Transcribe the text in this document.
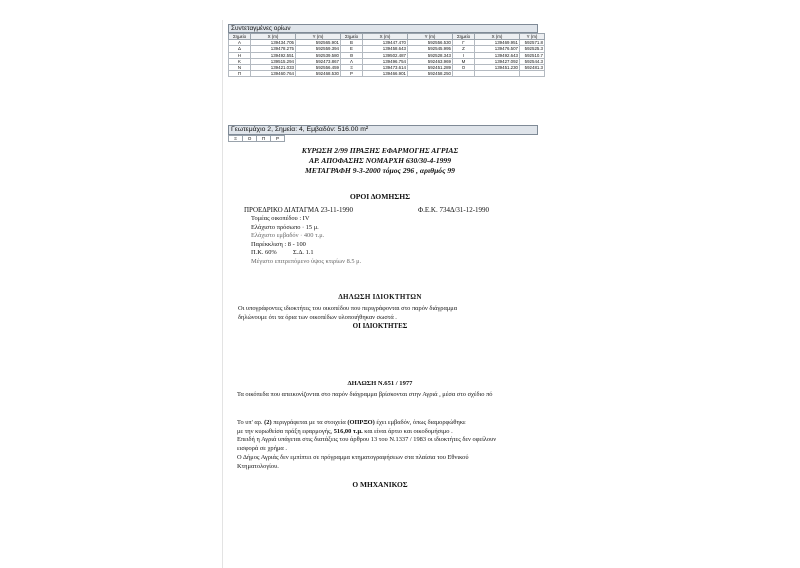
Συντεταγμένες ορίων
Σημείο	X (m)	Y (m)	Σημείο	X (m)	Y (m)	Σημείο	X (m)	Y (m)
Α	139434.705	592565.901	Β	139447.470	592556.530	Γ	139469.951	592571.8
Δ	139478.275	592559.394	Ε	139458.643	592545.995	Ζ	139476.507	592525.3
Η	139492.551	592539.580	Θ	139502.487	592528.343	Ι	139492.643	592510.7
Κ	139515.294	592473.867	Λ	139496.754	592463.969	Μ	139427.092	592544.3
Ν	139421.033	592556.459	Ξ	139473.614	592451.289	Ο	139451.230	592481.3
Π	139460.764	592468.530	Ρ	139466.901	592458.250			
Γεωτεμάχιο 2, Σημεία: 4, Εμβαδόν: 516.00 m²
Ξ	Ο	Π	Ρ
ΚΥΡΩΣΗ 2/99 ΠΡΑΞΗΣ ΕΦΑΡΜΟΓΗΣ ΑΓΡΙΑΣ
ΑΡ. ΑΠΟΦΑΣΗΣ ΝΟΜΑΡΧΗ 630/30-4-1999
ΜΕΤΑΓΡΑΦΗ 9-3-2000 τόμος 296 , αριθμός 99
ΟΡΟΙ ΔΟΜΗΣΗΣ
ΠΡΟΕΔΡΙΚΟ ΔΙΑΤΑΓΜΑ 23-11-1990	Φ.Ε.Κ. 734Δ/31-12-1990
Τομέας οικοπέδου : IV
Ελάχιστο πρόσωπο · 15 μ.
Ελάχιστο εμβαδόν · 400 τ.μ.
Παρέκκλιση : 8 - 100
Π.Κ. 60%	Σ.Δ. 1.1
Μέγιστο επιτρεπόμενο ύψος κτιρίων 8.5 μ.
ΔΗΛΩΣΗ ΙΔΙΟΚΤΗΤΩΝ
Οι υπογράφοντες ιδιοκτήτες του οικοπέδου που περιγράφονται στο παρόν διάγραμμα
δηλώνουμε ότι τα όρια των οικοπέδων υλοποιήθηκαν σωστά .
ΟΙ ΙΔΙΟΚΤΗΤΕΣ
ΔΗΛΩΣΗ Ν.651 / 1977
Τα οικόπεδα που απεικονίζονται στο παρόν διάγραμμα βρίσκονται στην Αγριά , μέσα στο σχέδιο πό
Το υπ' αρ. (2) περιγράφεται με τα στοιχεία (ΟΠΡΞΟ) έχει εμβαδόν, όπως διαμορφώθηκε
με την κυρωθείσα πράξη εφαρμογής, 516,00 τ.μ. και είναι άρτιο και οικοδομήσιμο .
Επειδή η Αγριά υπάγεται στις διατάξεις του άρθρου 13 του Ν.1337 / 1983 οι ιδιοκτήτες δεν οφείλουν
εισφορά σε χρήμα .
Ο Δήμος Αγριάς δεν εμπίπτει σε πρόγραμμα κτηματογραφήσεων στα πλαίσια του Εθνικού
Κτηματολογίου.
Ο ΜΗΧΑΝΙΚΟΣ
